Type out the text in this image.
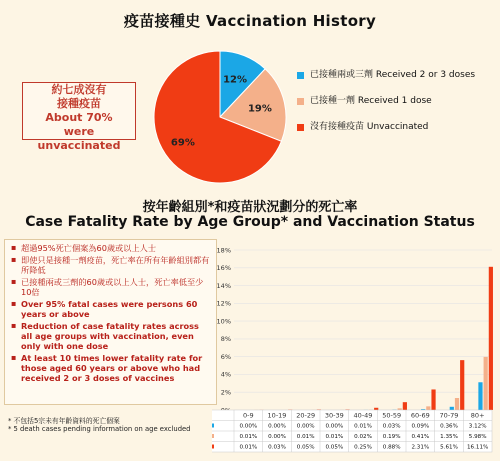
疫苗接種史 Vaccination History
12%
19%
69%
約七成沒有
接種疫苗
About 70%
were unvaccinated
已接種兩或三劑 Received 2 or 3 doses
已接種一劑 Received 1 dose
沒有接種疫苗 Unvaccinated
按年齡組別*和疫苗狀況劃分的死亡率
Case Fatality Rate by Age Group* and Vaccination Status
▪ 超過95%死亡個案為60歲或以上人士
▪ 即使只是接種一劑疫苗，死亡率在所有年齡組別都有所降低
▪ 已接種兩或三劑的60歲或以上人士，死亡率低至少10倍
▪ Over 95% fatal cases were persons 60 years or above
▪ Reduction of case fatality rates across all age groups with vaccination, even only with one dose
▪ At least 10 times lower fatality rate for those aged 60 years or above who had received 2 or 3 doses of vaccines
* 不包括5宗未有年齡資料的死亡個案
* 5 death cases pending information on age excluded
2%
4%
6%
8%
10%
12%
14%
16%
18%
0-9 10-19 20-29 30-39 40-49 50-59 60-69 70-79 80+
0.00% 0.00% 0.00% 0.00% 0.01% 0.03% 0.09% 0.36% 3.12%
0.01% 0.00% 0.01% 0.01% 0.02% 0.19% 0.41% 1.35% 5.98%
0.01% 0.03% 0.05% 0.05% 0.25% 0.88% 2.31% 5.61% 16.11%
